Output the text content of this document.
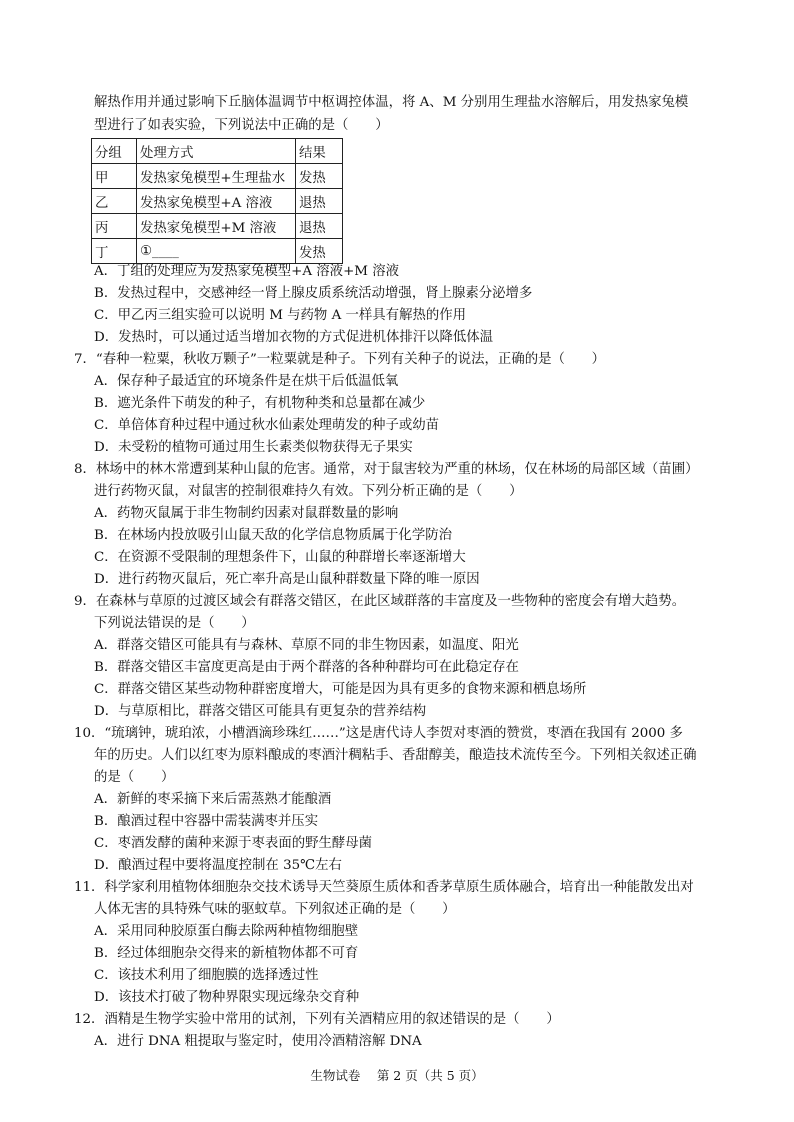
解热作用并通过影响下丘脑体温调节中枢调控体温，将 A、M 分别用生理盐水溶解后，用发热家兔模
型进行了如表实验，下列说法中正确的是（　　）
分组	处理方式	结果
甲	发热家兔模型+生理盐水	发热
乙	发热家兔模型+A 溶液	退热
丙	发热家兔模型+M 溶液	退热
丁	①____	发热
A．丁组的处理应为发热家兔模型+A 溶液+M 溶液
B．发热过程中，交感神经一肾上腺皮质系统活动增强，肾上腺素分泌增多
C．甲乙丙三组实验可以说明 M 与药物 A 一样具有解热的作用
D．发热时，可以通过适当增加衣物的方式促进机体排汗以降低体温
7．“春种一粒粟，秋收万颗子”一粒粟就是种子。下列有关种子的说法，正确的是（　　）
A．保存种子最适宜的环境条件是在烘干后低温低氧
B．遮光条件下萌发的种子，有机物种类和总量都在减少
C．单倍体育种过程中通过秋水仙素处理萌发的种子或幼苗
D．未受粉的植物可通过用生长素类似物获得无子果实
8．林场中的林木常遭到某种山鼠的危害。通常，对于鼠害较为严重的林场，仅在林场的局部区域（苗圃）
进行药物灭鼠，对鼠害的控制很难持久有效。下列分析正确的是（　　）
A．药物灭鼠属于非生物制约因素对鼠群数量的影响
B．在林场内投放吸引山鼠天敌的化学信息物质属于化学防治
C．在资源不受限制的理想条件下，山鼠的种群增长率逐渐增大
D．进行药物灭鼠后，死亡率升高是山鼠种群数量下降的唯一原因
9．在森林与草原的过渡区域会有群落交错区，在此区域群落的丰富度及一些物种的密度会有增大趋势。
下列说法错误的是（　　）
A．群落交错区可能具有与森林、草原不同的非生物因素，如温度、阳光
B．群落交错区丰富度更高是由于两个群落的各种种群均可在此稳定存在
C．群落交错区某些动物种群密度增大，可能是因为具有更多的食物来源和栖息场所
D．与草原相比，群落交错区可能具有更复杂的营养结构
10．“琉璃钟，琥珀浓，小槽酒滴珍珠红……”这是唐代诗人李贺对枣酒的赞赏，枣酒在我国有 2000 多
年的历史。人们以红枣为原料酿成的枣酒汁稠粘手、香甜醇美，酿造技术流传至今。下列相关叙述正确
的是（　　）
A．新鲜的枣采摘下来后需蒸熟才能酿酒
B．酿酒过程中容器中需装满枣并压实
C．枣酒发酵的菌种来源于枣表面的野生酵母菌
D．酿酒过程中要将温度控制在 35℃左右
11．科学家利用植物体细胞杂交技术诱导天竺葵原生质体和香茅草原生质体融合，培育出一种能散发出对
人体无害的具特殊气味的驱蚊草。下列叙述正确的是（　　）
A．采用同种胶原蛋白酶去除两种植物细胞壁
B．经过体细胞杂交得来的新植物体都不可育
C．该技术利用了细胞膜的选择透过性
D．该技术打破了物种界限实现远缘杂交育种
12．酒精是生物学实验中常用的试剂，下列有关酒精应用的叙述错误的是（　　）
A．进行 DNA 粗提取与鉴定时，使用冷酒精溶解 DNA
生物试卷　 第 2 页（共 5 页）
